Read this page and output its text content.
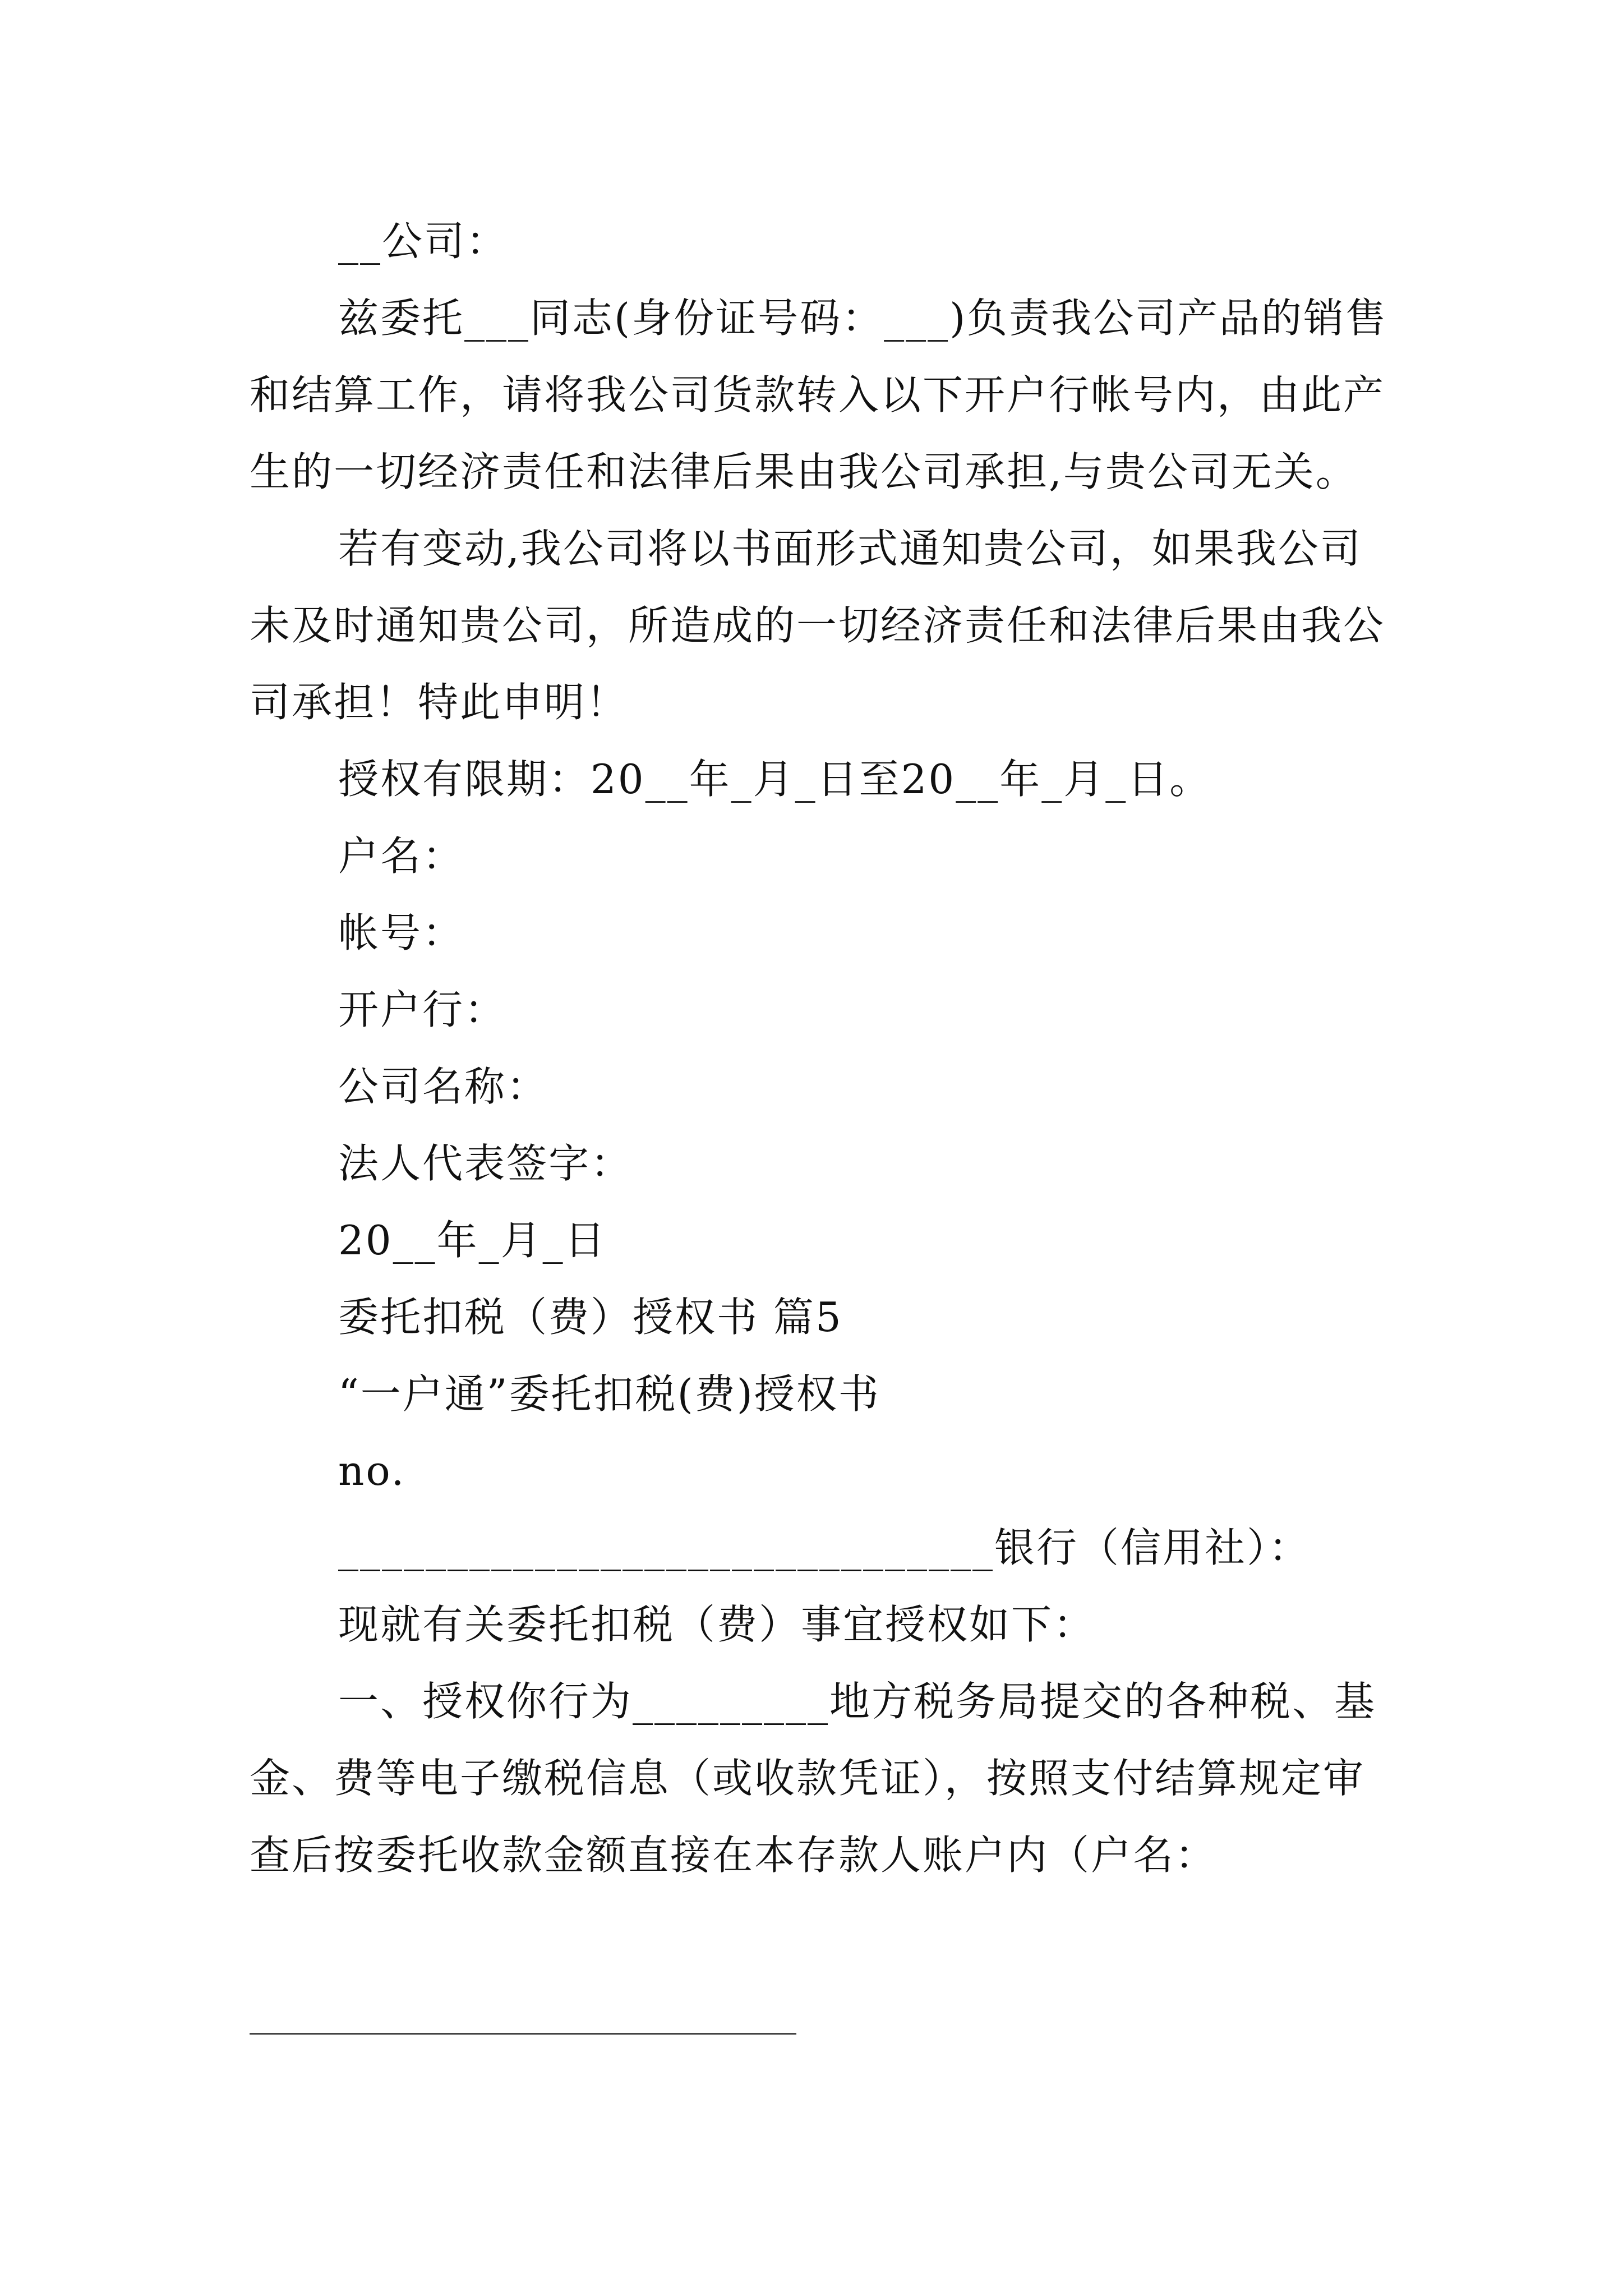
__公司：

兹委托___同志(身份证号码：___)负责我公司产品的销售和结算工作，请将我公司货款转入以下开户行帐号内，由此产生的一切经济责任和法律后果由我公司承担,与贵公司无关。

若有变动,我公司将以书面形式通知贵公司，如果我公司未及时通知贵公司，所造成的一切经济责任和法律后果由我公司承担！特此申明！

授权有限期：20__年_月_日至20__年_月_日。

户名：

帐号：

开户行：

公司名称：

法人代表签字：

20__年_月_日

委托扣税（费）授权书 篇5

“一户通”委托扣税(费)授权书

no.

______________________________银行（信用社）：

现就有关委托扣税（费）事宜授权如下：

一、授权你行为_________地方税务局提交的各种税、基金、费等电子缴税信息（或收款凭证），按照支付结算规定审查后按委托收款金额直接在本存款人账户内（户名：
